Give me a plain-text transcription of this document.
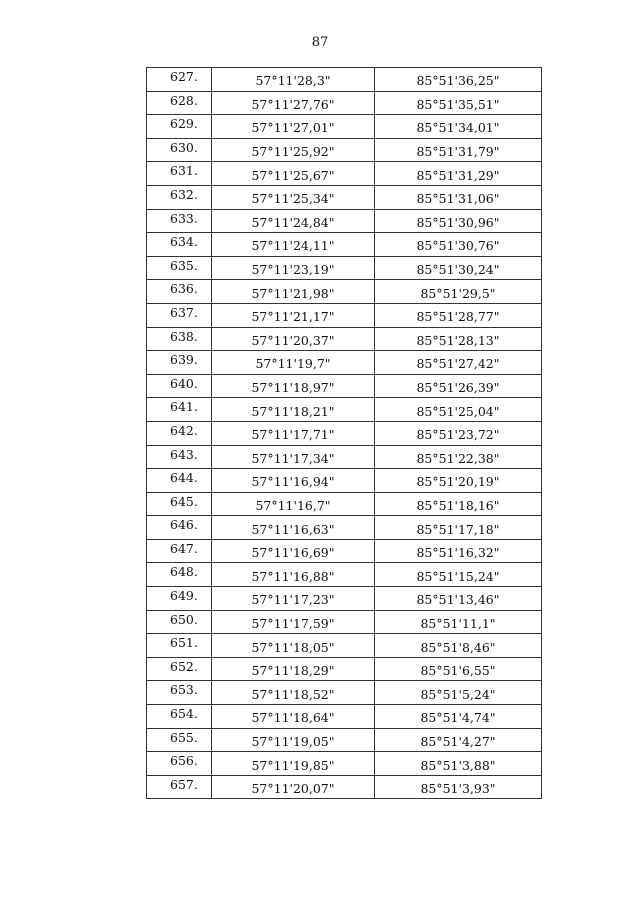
87
627.	57°11'28,3"	85°51'36,25"
628.	57°11'27,76"	85°51'35,51"
629.	57°11'27,01"	85°51'34,01"
630.	57°11'25,92"	85°51'31,79"
631.	57°11'25,67"	85°51'31,29"
632.	57°11'25,34"	85°51'31,06"
633.	57°11'24,84"	85°51'30,96"
634.	57°11'24,11"	85°51'30,76"
635.	57°11'23,19"	85°51'30,24"
636.	57°11'21,98"	85°51'29,5"
637.	57°11'21,17"	85°51'28,77"
638.	57°11'20,37"	85°51'28,13"
639.	57°11'19,7"	85°51'27,42"
640.	57°11'18,97"	85°51'26,39"
641.	57°11'18,21"	85°51'25,04"
642.	57°11'17,71"	85°51'23,72"
643.	57°11'17,34"	85°51'22,38"
644.	57°11'16,94"	85°51'20,19"
645.	57°11'16,7"	85°51'18,16"
646.	57°11'16,63"	85°51'17,18"
647.	57°11'16,69"	85°51'16,32"
648.	57°11'16,88"	85°51'15,24"
649.	57°11'17,23"	85°51'13,46"
650.	57°11'17,59"	85°51'11,1"
651.	57°11'18,05"	85°51'8,46"
652.	57°11'18,29"	85°51'6,55"
653.	57°11'18,52"	85°51'5,24"
654.	57°11'18,64"	85°51'4,74"
655.	57°11'19,05"	85°51'4,27"
656.	57°11'19,85"	85°51'3,88"
657.	57°11'20,07"	85°51'3,93"
